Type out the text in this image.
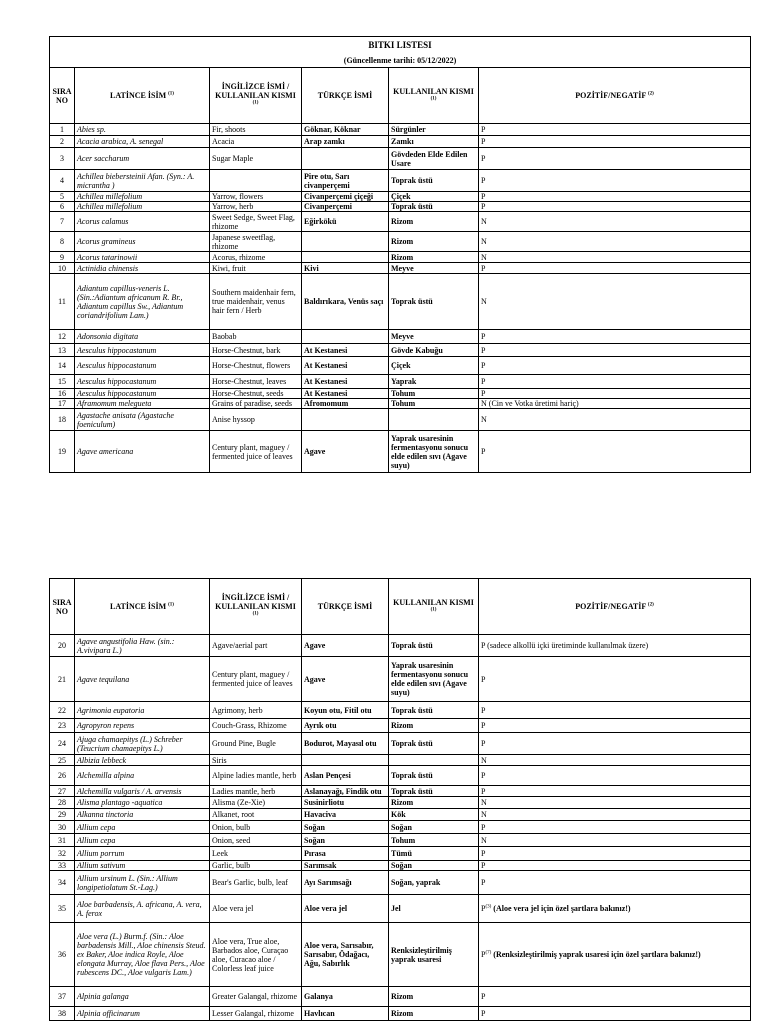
BITKI LISTESI					
(Güncellenme tarihi: 05/12/2022)					
SIRA NO	LATİNCE İSİM $^{(1)}$	İNGİLİZCE İSMİ / KULLANILAN KISMI
$^{(1)}$	TÜRKÇE İSMİ	KULLANILAN KISMI $^{(1)}$	POZİTİF/NEGATİF $^{(2)}$
1	Abies sp.	Fir, shoots	Göknar, Köknar	Sürgünler	P
2	Acacia arabica, A. senegal	Acacia	Arap zamkı	Zamkı	P
3	Acer saccharum	Sugar Maple		Gövdeden Elde Edilen Usare	P
4	Achillea biebersteinii Afan. (Syn.: A. micrantha )		Pire otu, Sarı civanperçemi	Toprak üstü	P
5	Achillea millefolium	Yarrow, flowers	Civanperçemi çiçeği	Çiçek	P
6	Achillea millefolium	Yarrow, herb	Civanperçemi	Toprak üstü	P
7	Acorus calamus	Sweet Sedge, Sweet Flag, rhizome	Eğirkökü	Rizom	N
8	Acorus gramineus	Japanese sweetflag, rhizome		Rizom	N
9	Acorus tatarinowii	Acorus, rhizome		Rizom	N
10	Actinidia chinensis	Kiwi, fruit	Kivi	Meyve	P
11	Adiantum capillus-veneris L. (Sin.:Adiantum africanum R. Br., Adiantum capillus Sw., Adiantum coriandrifolium Lam.)	Southern maidenhair fern, true maidenhair, venus hair fern / Herb	Baldırıkara, Venüs saçı	Toprak üstü	N
12	Adonsonia digitata	Baobab		Meyve	P
13	Aesculus hippocastanum	Horse-Chestnut, bark	At Kestanesi	Gövde Kabuğu	P
14	Aesculus hippocastanum	Horse-Chestnut, flowers	At Kestanesi	Çiçek	P
15	Aesculus hippocastanum	Horse-Chestnut, leaves	At Kestanesi	Yaprak	P
16	Aesculus hippocastanum	Horse-Chestnut, seeds	At Kestanesi	Tohum	P
17	Aframomum melegueta	Grains of paradise, seeds	Afromomum	Tohum	N (Cin ve Votka üretimi hariç)
18	Agastache anisata (Agastache foeniculum)	Anise hyssop			N
19	Agave americana	Century plant, maguey / fermented juice of leaves	Agave	Yaprak usaresinin fermentasyonu sonucu elde edilen sıvı (Agave suyu)	P
SIRA NO	LATİNCE İSİM $^{(1)}$	İNGİLİZCE İSMİ / KULLANILAN KISMI
$^{(1)}$	TÜRKÇE İSMİ	KULLANILAN KISMI $^{(1)}$	POZİTİF/NEGATİF $^{(2)}$
20	Agave angustifolia Haw. (sin.: A.vivipara L.)	Agave/aerial part	Agave	Toprak üstü	P (sadece alkollü içki üretiminde kullanılmak üzere)
21	Agave tequilana	Century plant, maguey / fermented juice of leaves	Agave	Yaprak usaresinin fermentasyonu sonucu elde edilen sıvı (Agave suyu)	P
22	Agrimonia eupatoria	Agrimony, herb	Koyun otu, Fitil otu	Toprak üstü	P
23	Agropyron repens	Couch-Grass, Rhizome	Ayrık otu	Rizom	P
24	Ajuga chamaepitys (L.) Schreber (Teucrium chamaepitys L.)	Ground Pine, Bugle	Bodurot, Mayasıl otu	Toprak üstü	P
25	Albizia lebbeck	Siris			N
26	Alchemilla alpina	Alpine ladies mantle, herb	Aslan Pençesi	Toprak üstü	P
27	Alchemilla vulgaris / A. arvensis	Ladies mantle, herb	Aslanayağı, Findik otu	Toprak üstü	P
28	Alisma plantago -aquatica	Alisma (Ze-Xie)	Susinirliotu	Rizom	N
29	Alkanna tinctoria	Alkanet, root	Havaciva	Kök	N
30	Allium cepa	Onion, bulb	Soğan	Soğan	P
31	Allium cepa	Onion, seed	Soğan	Tohum	N
32	Allium porrum	Leek	Pırasa	Tümü	P
33	Allium sativum	Garlic, bulb	Sarımsak	Soğan	P
34	Allium ursinum L. (Sin.: Allium longipetiolatum St.-Lag.)	Bear's Garlic, bulb, leaf	Ayı Sarımsağı	Soğan, yaprak	P
35	Aloe barbadensis, A. africana, A. vera, A. ferox	Aloe vera jel	Aloe vera jel	Jel	$P^{(3)}$ (Aloe vera jel için özel şartlara bakınız!)
36	Aloe vera (L.) Burm.f. (Sin.: Aloe barbadensis Mill., Aloe chinensis Steud. ex Baker, Aloe indica Royle, Aloe elongata Murray, Aloe flava Pers., Aloe rubescens DC., Aloe vulgaris Lam.)	Aloe vera, True aloe, Barbados aloe, Curaçao aloe, Curacao aloe / Colorless leaf juice	Aloe vera, Sarısabır, Sarısabır, Ödağacı, Ağu, Sabırlık	Renksizleştirilmiş yaprak usaresi	$P^{(7)}$ (Renksizleştirilmiş yaprak usaresi için özel şartlara bakınız!)
37	Alpinia galanga	Greater Galangal, rhizome	Galanya	Rizom	P
38	Alpinia officinarum	Lesser Galangal, rhizome	Havlıcan	Rizom	P
